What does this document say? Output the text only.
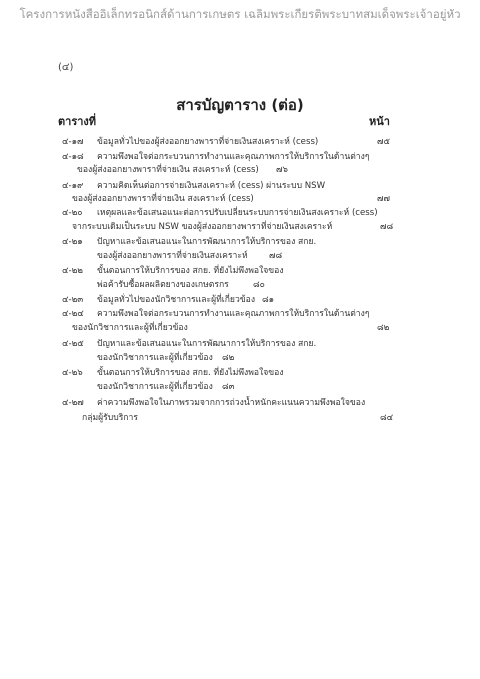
โครงการหนังสืออิเล็กทรอนิกส์ด้านการเกษตร เฉลิมพระเกียรติพระบาทสมเด็จพระเจ้าอยู่หัว
(๔)
สารบัญตาราง (ต่อ)
ตารางที่	หน้า
๔-๑๗ ข้อมูลทั่วไปของผู้ส่งออกยางพาราที่จ่ายเงินสงเคราะห์ (cess)	๗๕
๔-๑๘ ความพึงพอใจต่อกระบวนการทำงานและคุณภาพการให้บริการในด้านต่างๆ
ของผู้ส่งออกยางพาราที่จ่ายเงิน สงเคราะห์ (cess) ๗๖
๔-๑๙ ความคิดเห็นต่อการจ่ายเงินสงเคราะห์ (cess) ผ่านระบบ NSW
ของผู้ส่งออกยางพาราที่จ่ายเงิน สงเคราะห์ (cess)	๗๗
๔-๒๐ เหตุผลและข้อเสนอแนะต่อการปรับเปลี่ยนระบบการจ่ายเงินสงเคราะห์ (cess)
จากระบบเดิมเป็นระบบ NSW ของผู้ส่งออกยางพาราที่จ่ายเงินสงเคราะห์	๗๘
๔-๒๑ ปัญหาและข้อเสนอแนะในการพัฒนาการให้บริการของ สกย.
ของผู้ส่งออกยางพาราที่จ่ายเงินสงเคราะห์ ๗๘
๔-๒๒ ขั้นตอนการให้บริการของ สกย. ที่ยังไม่พึงพอใจของ
พ่อค้ารับซื้อผลผลิตยางของเกษตรกร	๘๐
๔-๒๓ ข้อมูลทั่วไปของนักวิชาการและผู้ที่เกี่ยวข้อง ๘๑
๔-๒๔ ความพึงพอใจต่อกระบวนการทำงานและคุณภาพการให้บริการในด้านต่างๆ
ของนักวิชาการและผู้ที่เกี่ยวข้อง	๘๒
๔-๒๕ ปัญหาและข้อเสนอแนะในการพัฒนาการให้บริการของ สกย.
ของนักวิชาการและผู้ที่เกี่ยวข้อง ๘๒
๔-๒๖ ขั้นตอนการให้บริการของ สกย. ที่ยังไม่พึงพอใจของ
ของนักวิชาการและผู้ที่เกี่ยวข้อง ๘๓
๔-๒๗ ค่าความพึงพอใจในภาพรวมจากการถ่วงน้ำหนักคะแนนความพึงพอใจของ
กลุ่มผู้รับบริการ	๘๔
